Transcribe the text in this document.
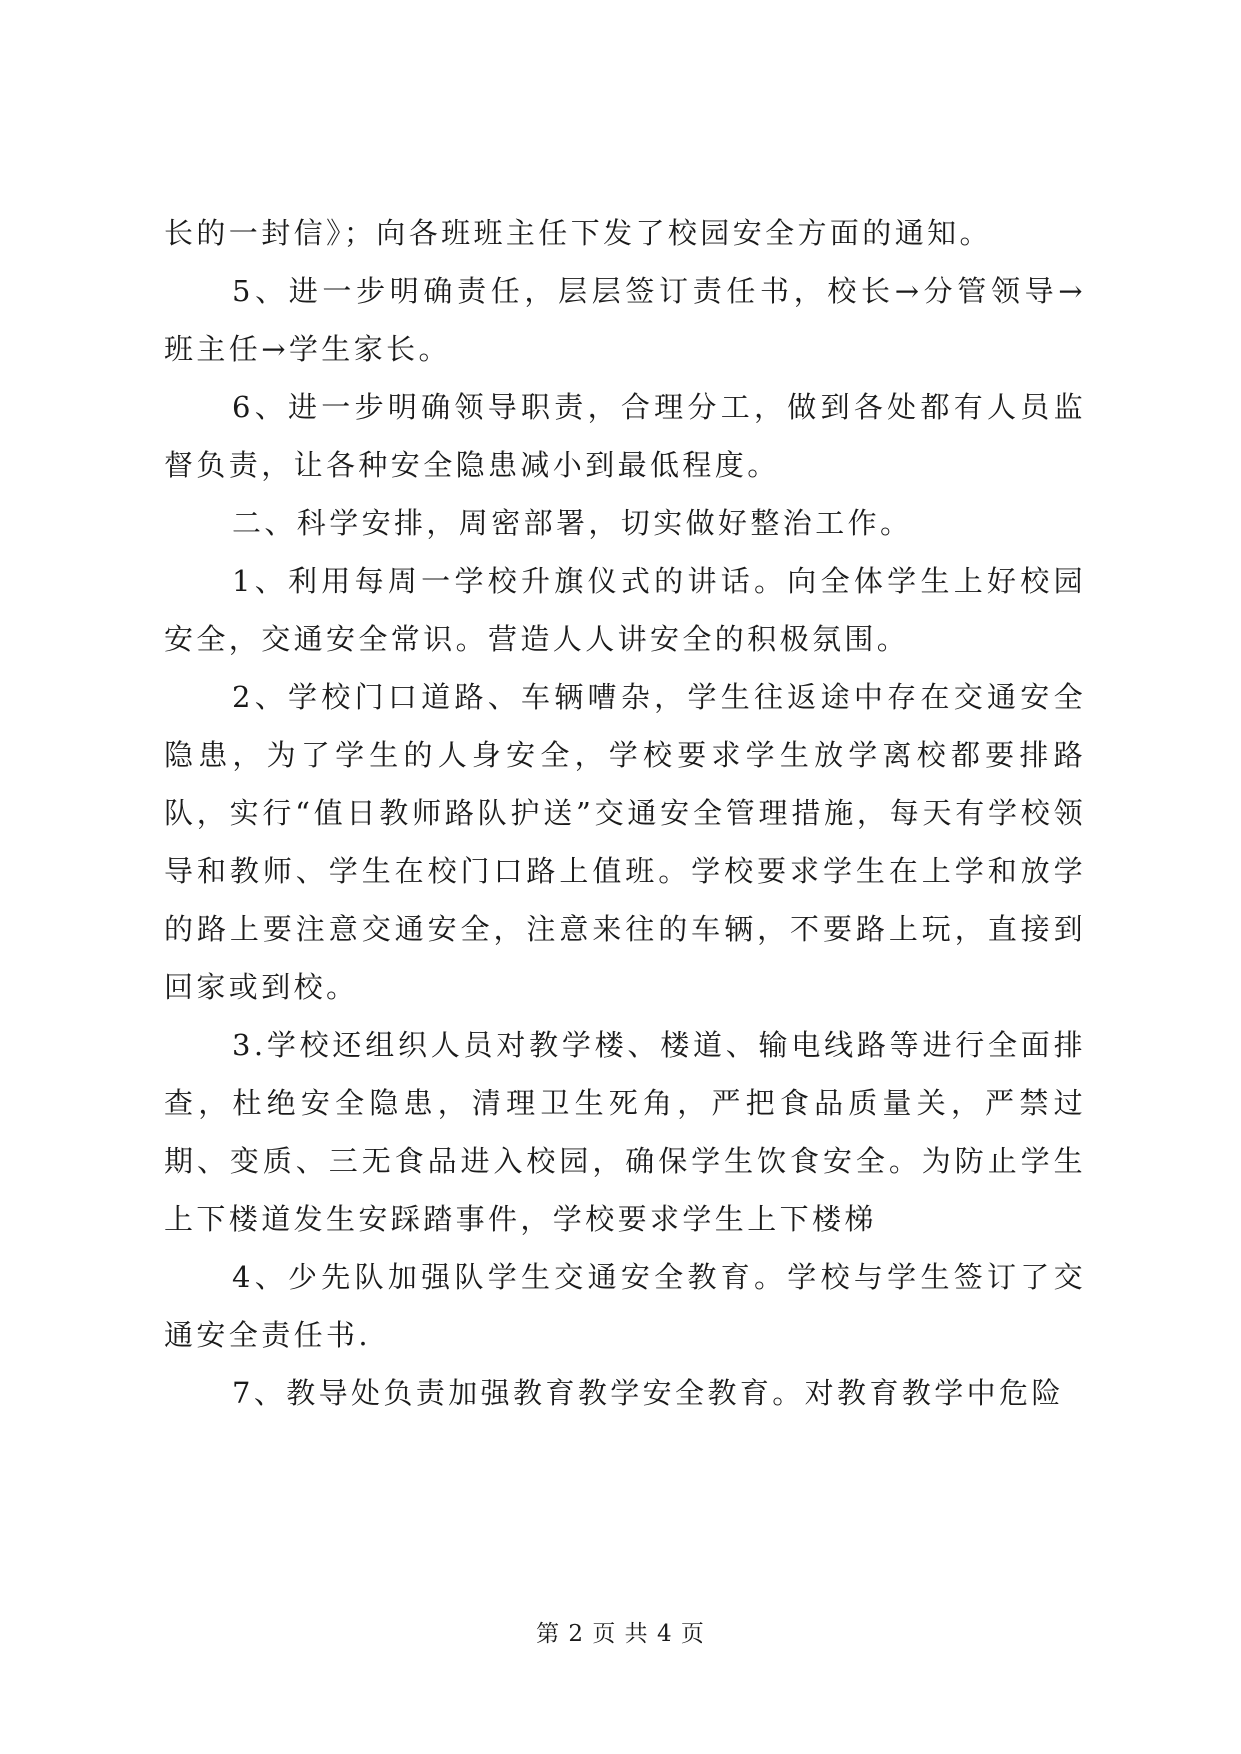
长的一封信》；向各班班主任下发了校园安全方面的通知。

5、进一步明确责任，层层签订责任书，校长→分管领导→班主任→学生家长。

6、进一步明确领导职责，合理分工，做到各处都有人员监督负责，让各种安全隐患减小到最低程度。

二、科学安排，周密部署，切实做好整治工作。

1、利用每周一学校升旗仪式的讲话。向全体学生上好校园安全，交通安全常识。营造人人讲安全的积极氛围。

2、学校门口道路、车辆嘈杂，学生往返途中存在交通安全隐患，为了学生的人身安全，学校要求学生放学离校都要排路队，实行“值日教师路队护送”交通安全管理措施，每天有学校领导和教师、学生在校门口路上值班。学校要求学生在上学和放学的路上要注意交通安全，注意来往的车辆，不要路上玩，直接到回家或到校。

3.学校还组织人员对教学楼、楼道、输电线路等进行全面排查，杜绝安全隐患，清理卫生死角，严把食品质量关，严禁过期、变质、三无食品进入校园，确保学生饮食安全。为防止学生上下楼道发生安踩踏事件，学校要求学生上下楼梯

4、少先队加强队学生交通安全教育。学校与学生签订了交通安全责任书.

7、教导处负责加强教育教学安全教育。对教育教学中危险

第 2 页 共 4 页
